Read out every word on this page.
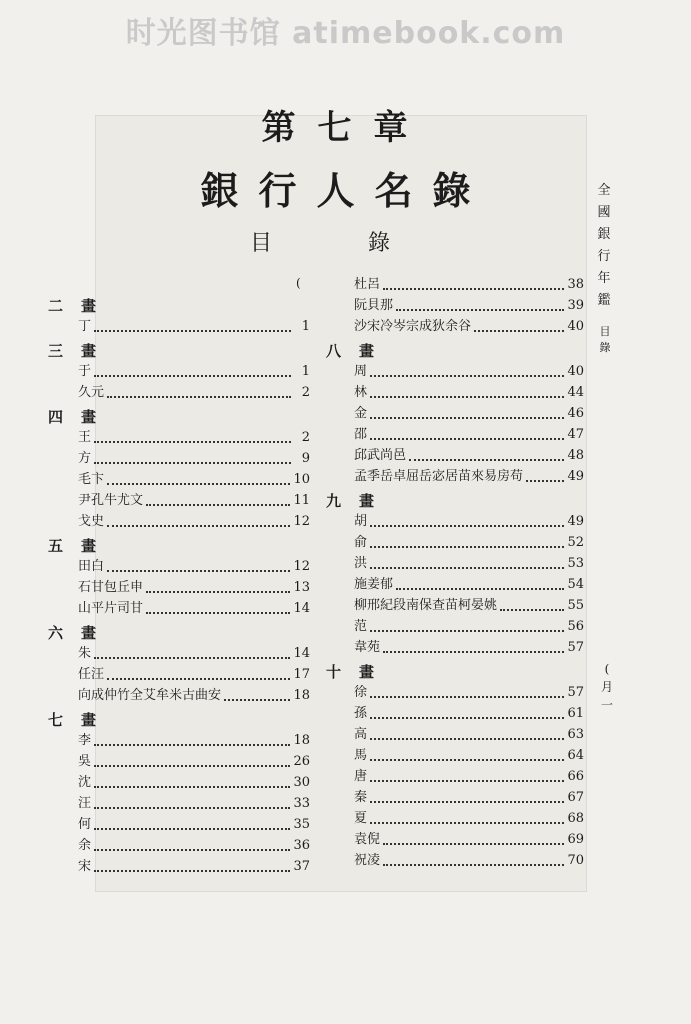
时光图书馆 atimebook.com
第七章
銀行人名錄
目	錄
(
二畫
丁	1
三畫
于	1
久元	2
四畫
王	2
方	9
毛卞	10
尹孔牛尤文	11
戈史	12
五畫
田白	12
石甘包丘申	13
山平片司甘	14
六畫
朱	14
任汪	17
向成仲竹全艾牟米古曲安	18
七畫
李	18
吳	26
沈	30
汪	33
何	35
余	36
宋	37
杜呂	38
阮貝那	39
沙宋冷岑宗成狄余谷	40
八畫
周	40
林	44
金	46
邵	47
邱武尚邑	48
孟季岳卓屈岳宓居苗來易房苟	49
九畫
胡	49
俞	52
洪	53
施姜郁	54
柳邢紀段南保查苗柯晏姚	55
范	56
韋苑	57
十畫
徐	57
孫	61
高	63
馬	64
唐	66
秦	67
夏	68
袁倪	69
祝凌	70
全
國
銀
行
年
鑑
目
錄
(
月
一
